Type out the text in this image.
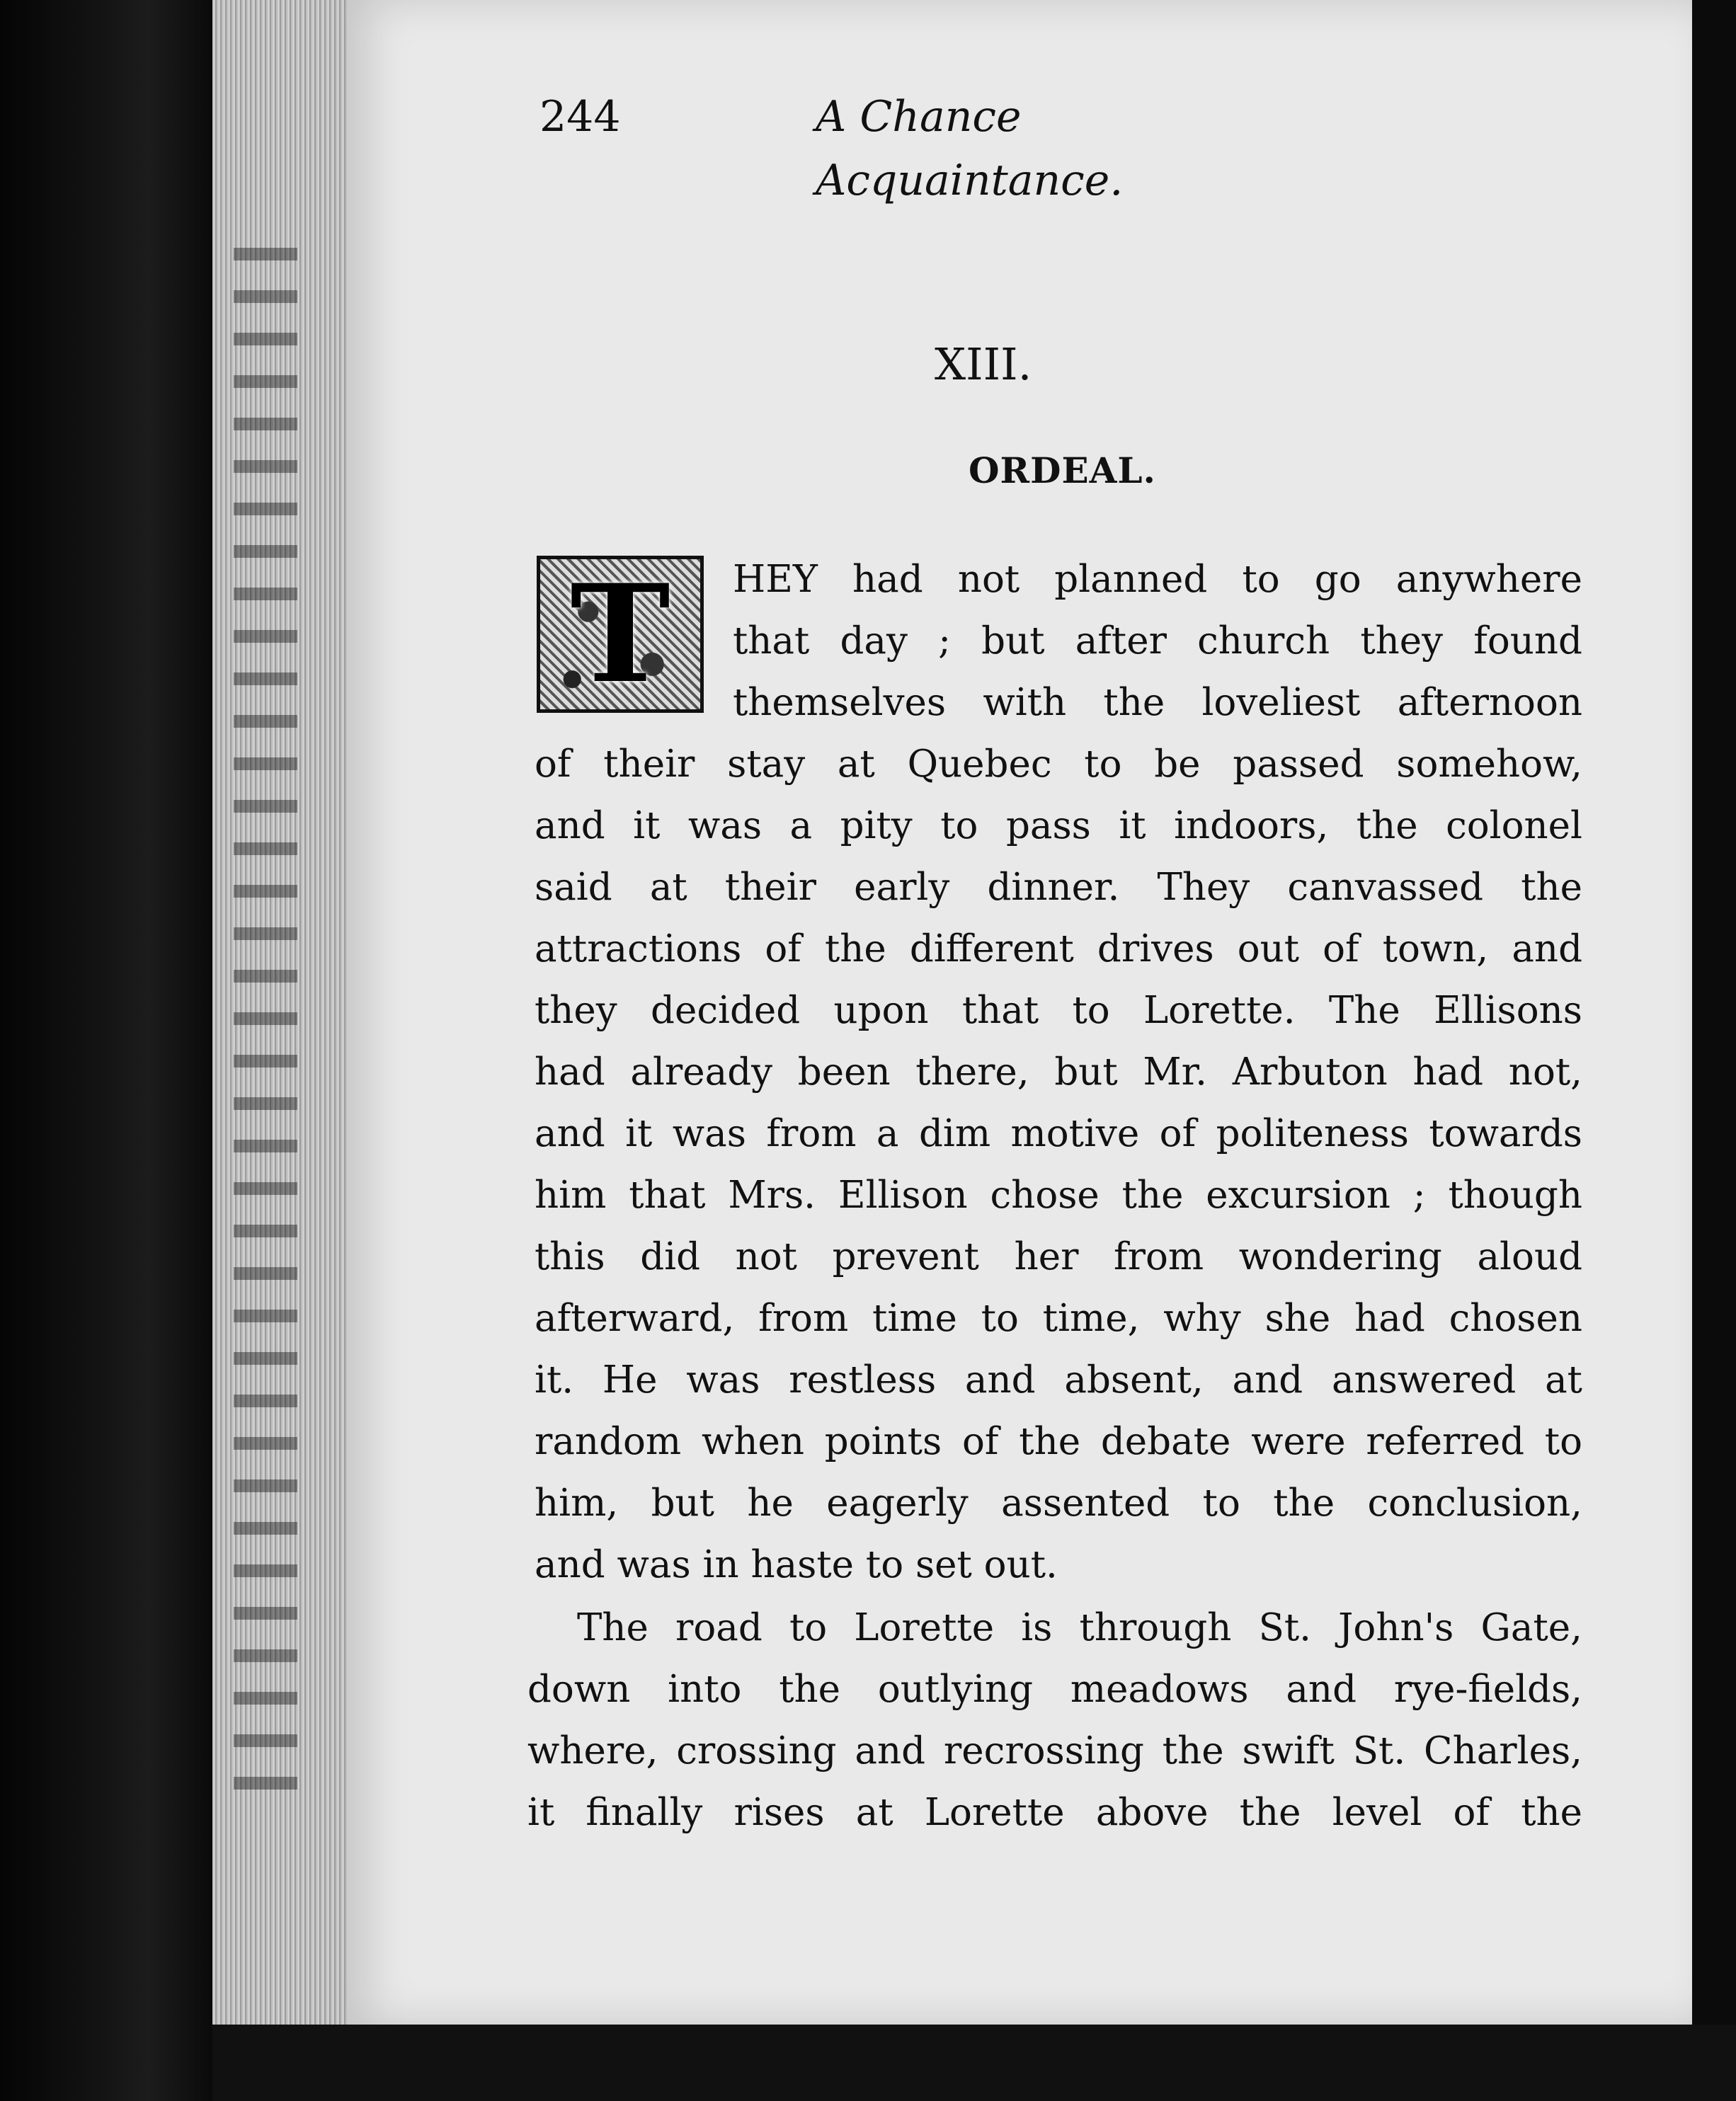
244	A Chance Acquaintance.
XIII.
ORDEAL.
T HEY had not planned to go anywhere
that day ; but after church they found
themselves with the loveliest afternoon
of their stay at Quebec to be passed somehow,
and it was a pity to pass it indoors, the colonel
said at their early dinner. They canvassed the
attractions of the different drives out of town, and
they decided upon that to Lorette. The Ellisons
had already been there, but Mr. Arbuton had not,
and it was from a dim motive of politeness towards
him that Mrs. Ellison chose the excursion ; though
this did not prevent her from wondering aloud
afterward, from time to time, why she had chosen
it. He was restless and absent, and answered at
random when points of the debate were referred to
him, but he eagerly assented to the conclusion,
and was in haste to set out.
The road to Lorette is through St. John's Gate,
down into the outlying meadows and rye-fields,
where, crossing and recrossing the swift St. Charles,
it finally rises at Lorette above the level of the
